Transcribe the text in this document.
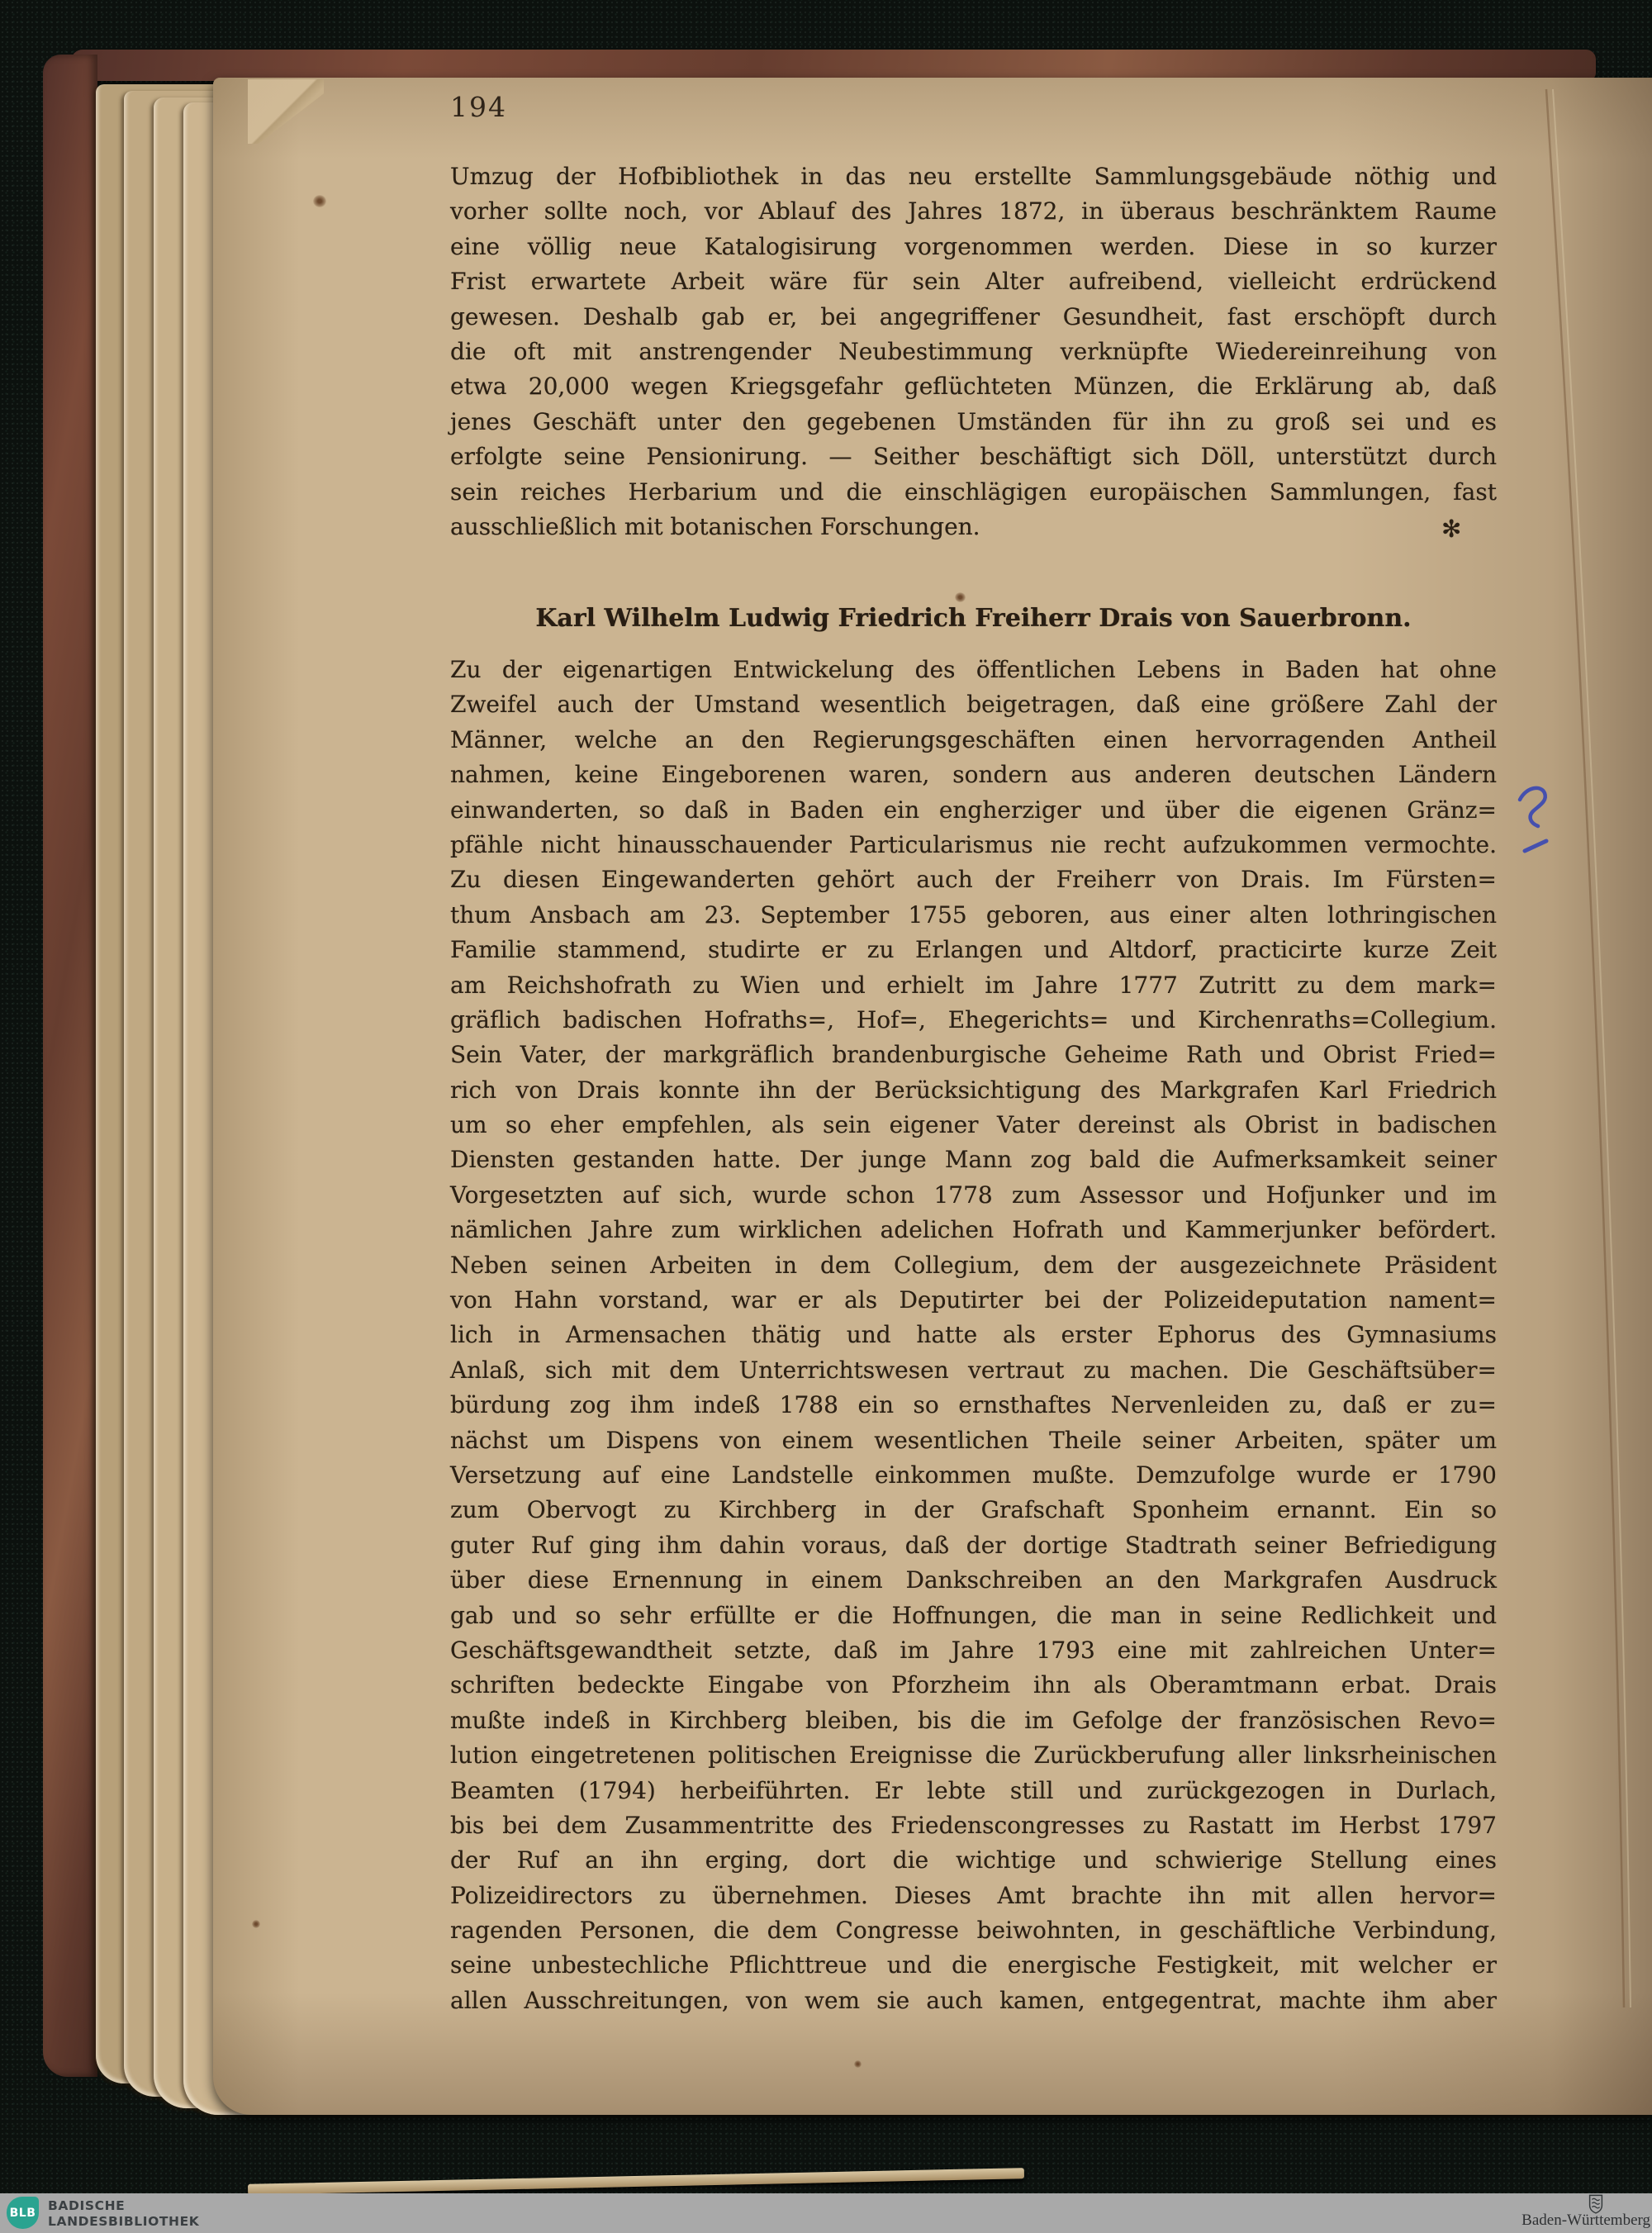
194
Umzug der Hofbibliothek in das neu erstellte Sammlungsgebäude nöthig und
vorher sollte noch, vor Ablauf des Jahres 1872, in überaus beschränktem Raume
eine völlig neue Katalogisirung vorgenommen werden. Diese in so kurzer
Frist erwartete Arbeit wäre für sein Alter aufreibend, vielleicht erdrückend
gewesen. Deshalb gab er, bei angegriffener Gesundheit, fast erschöpft durch
die oft mit anstrengender Neubestimmung verknüpfte Wiedereinreihung von
etwa 20,000 wegen Kriegsgefahr geflüchteten Münzen, die Erklärung ab, daß
jenes Geschäft unter den gegebenen Umständen für ihn zu groß sei und es
erfolgte seine Pensionirung. — Seither beschäftigt sich Döll, unterstützt durch
sein reiches Herbarium und die einschlägigen europäischen Sammlungen, fast
ausschließlich mit botanischen Forschungen.	✻
Karl Wilhelm Ludwig Friedrich Freiherr Drais von Sauerbronn.
Zu der eigenartigen Entwickelung des öffentlichen Lebens in Baden hat ohne
Zweifel auch der Umstand wesentlich beigetragen, daß eine größere Zahl der
Männer, welche an den Regierungsgeschäften einen hervorragenden Antheil
nahmen, keine Eingeborenen waren, sondern aus anderen deutschen Ländern
einwanderten, so daß in Baden ein engherziger und über die eigenen Gränz=
pfähle nicht hinausschauender Particularismus nie recht aufzukommen vermochte.
Zu diesen Eingewanderten gehört auch der Freiherr von Drais. Im Fürsten=
thum Ansbach am 23. September 1755 geboren, aus einer alten lothringischen
Familie stammend, studirte er zu Erlangen und Altdorf, practicirte kurze Zeit
am Reichshofrath zu Wien und erhielt im Jahre 1777 Zutritt zu dem mark=
gräflich badischen Hofraths=, Hof=, Ehegerichts= und Kirchenraths=Collegium.
Sein Vater, der markgräflich brandenburgische Geheime Rath und Obrist Fried=
rich von Drais konnte ihn der Berücksichtigung des Markgrafen Karl Friedrich
um so eher empfehlen, als sein eigener Vater dereinst als Obrist in badischen
Diensten gestanden hatte. Der junge Mann zog bald die Aufmerksamkeit seiner
Vorgesetzten auf sich, wurde schon 1778 zum Assessor und Hofjunker und im
nämlichen Jahre zum wirklichen adelichen Hofrath und Kammerjunker befördert.
Neben seinen Arbeiten in dem Collegium, dem der ausgezeichnete Präsident
von Hahn vorstand, war er als Deputirter bei der Polizeideputation nament=
lich in Armensachen thätig und hatte als erster Ephorus des Gymnasiums
Anlaß, sich mit dem Unterrichtswesen vertraut zu machen. Die Geschäftsüber=
bürdung zog ihm indeß 1788 ein so ernsthaftes Nervenleiden zu, daß er zu=
nächst um Dispens von einem wesentlichen Theile seiner Arbeiten, später um
Versetzung auf eine Landstelle einkommen mußte. Demzufolge wurde er 1790
zum Obervogt zu Kirchberg in der Grafschaft Sponheim ernannt. Ein so
guter Ruf ging ihm dahin voraus, daß der dortige Stadtrath seiner Befriedigung
über diese Ernennung in einem Dankschreiben an den Markgrafen Ausdruck
gab und so sehr erfüllte er die Hoffnungen, die man in seine Redlichkeit und
Geschäftsgewandtheit setzte, daß im Jahre 1793 eine mit zahlreichen Unter=
schriften bedeckte Eingabe von Pforzheim ihn als Oberamtmann erbat. Drais
mußte indeß in Kirchberg bleiben, bis die im Gefolge der französischen Revo=
lution eingetretenen politischen Ereignisse die Zurückberufung aller linksrheinischen
Beamten (1794) herbeiführten. Er lebte still und zurückgezogen in Durlach,
bis bei dem Zusammentritte des Friedenscongresses zu Rastatt im Herbst 1797
der Ruf an ihn erging, dort die wichtige und schwierige Stellung eines
Polizeidirectors zu übernehmen. Dieses Amt brachte ihn mit allen hervor=
ragenden Personen, die dem Congresse beiwohnten, in geschäftliche Verbindung,
seine unbestechliche Pflichttreue und die energische Festigkeit, mit welcher er
allen Ausschreitungen, von wem sie auch kamen, entgegentrat, machte ihm aber
BLB BADISCHE
LANDESBIBLIOTHEK	Baden-Württemberg
